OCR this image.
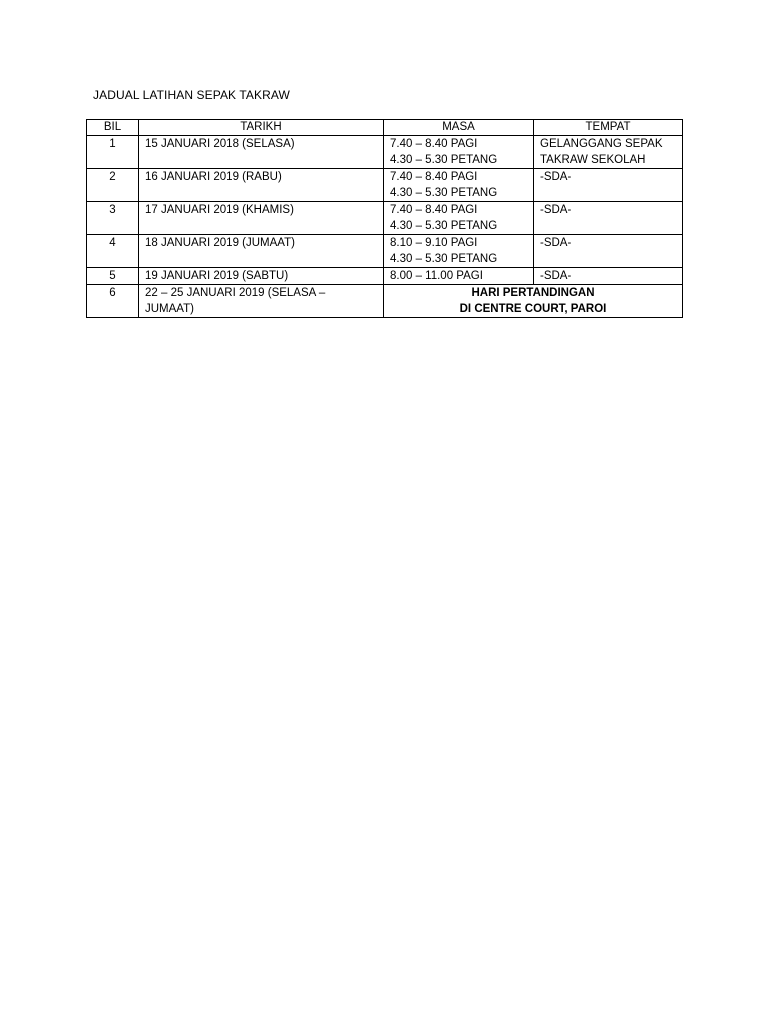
JADUAL LATIHAN SEPAK TAKRAW
BIL	TARIKH	MASA	TEMPAT
1	15 JANUARI 2018 (SELASA)	7.40 – 8.40 PAGI
4.30 – 5.30 PETANG	GELANGGANG SEPAK
TAKRAW SEKOLAH

2	16 JANUARI 2019 (RABU)	7.40 – 8.40 PAGI
4.30 – 5.30 PETANG	-SDA-

3	17 JANUARI 2019 (KHAMIS)	7.40 – 8.40 PAGI
4.30 – 5.30 PETANG	-SDA-

4	18 JANUARI 2019 (JUMAAT)	8.10 – 9.10 PAGI
4.30 – 5.30 PETANG	-SDA-

5	19 JANUARI 2019 (SABTU)	8.00 – 11.00 PAGI	-SDA-

6	22 – 25 JANUARI 2019 (SELASA – JUMAAT)	HARI PERTANDINGAN
DI CENTRE COURT, PAROI	
